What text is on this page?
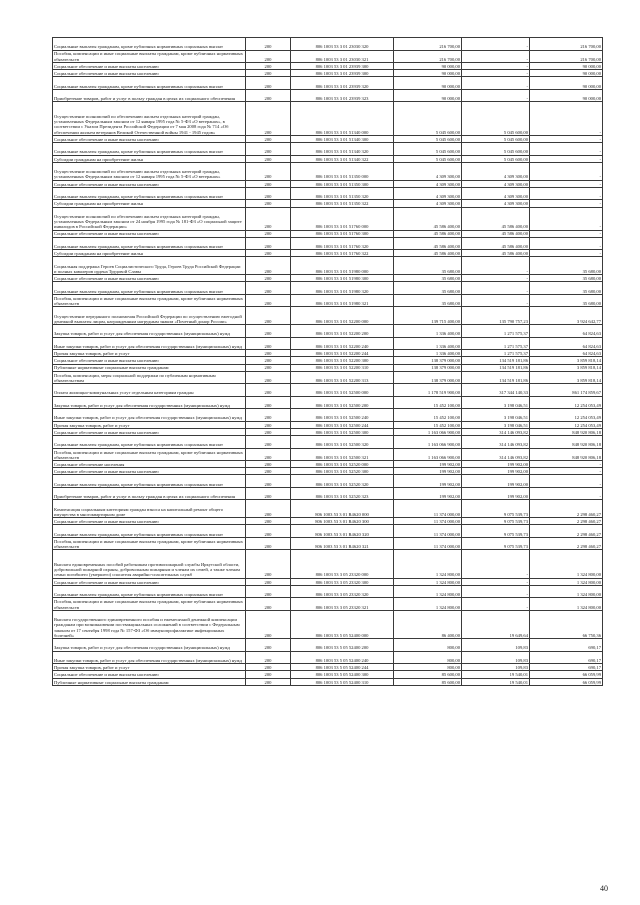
Социальные выплаты гражданам, кроме публичных нормативных социальных выплат	200	806 1003 53 3 01 23030 320	216 700,00	-	216 700,00
Пособия, компенсации и иные социальные выплаты гражданам, кроме публичных нормативных обязательств	200	806 1003 53 3 01 23030 321	216 700,00	-	216 700,00
Социальное обеспечение и иные выплаты населению	200	806 1003 53 3 01 23939 300	90 000,00	-	90 000,00
Социальное обеспечение и иные выплаты населению	200	806 1003 53 3 01 23939 300	90 000,00	-	90 000,00
Социальные выплаты гражданам, кроме публичных нормативных социальных выплат	200	806 1003 53 3 01 23939 320	90 000,00	-	90 000,00
Приобретение товаров, работ и услуг в пользу граждан в целях их социального обеспечения	200	806 1003 53 3 01 23939 323	90 000,00	-	90 000,00
Осуществление полномочий по обеспечению жильем отдельных категорий граждан, установленных Федеральным законом от 12 января 1995 года № 5-ФЗ «О ветеранах», в соответствии с Указом Президента Российской Федерации от 7 мая 2008 года № 714 «Об обеспечении жильем ветеранов Великой Отечественной войны 1941 - 1945 годов»	200	806 1003 53 3 01 51340 000	5 045 600,00	5 045 600,00	-
Социальное обеспечение и иные выплаты населению	200	806 1003 53 3 01 51340 300	5 045 600,00	5 045 600,00	-
Социальные выплаты гражданам, кроме публичных нормативных социальных выплат	200	806 1003 53 3 01 51340 320	5 045 600,00	5 045 600,00	-
Субсидии гражданам на приобретение жилья	200	806 1003 53 3 01 51340 322	5 045 600,00	5 045 600,00	-
Осуществление полномочий по обеспечению жильем отдельных категорий граждан, установленных Федеральным законом от 12 января 1995 года № 5-ФЗ «О ветеранах»	200	806 1003 53 3 01 51350 000	4 309 300,00	4 309 300,00	-
Социальное обеспечение и иные выплаты населению	200	806 1003 53 3 01 51350 300	4 309 300,00	4 309 300,00	-
Социальные выплаты гражданам, кроме публичных нормативных социальных выплат	200	806 1003 53 3 01 51350 320	4 309 300,00	4 309 300,00	-
Субсидии гражданам на приобретение жилья	200	806 1003 53 3 01 51350 322	4 309 300,00	4 309 300,00	-
Осуществление полномочий по обеспечению жильем отдельных категорий граждан, установленных Федеральным законом от 24 ноября 1995 года № 181-ФЗ «О социальной защите инвалидов в Российской Федерации»	200	806 1003 53 3 01 51760 000	45 586 400,00	45 586 400,00	-
Социальное обеспечение и иные выплаты населению	200	806 1003 53 3 01 51760 300	45 586 400,00	45 586 400,00	-
Социальные выплаты гражданам, кроме публичных нормативных социальных выплат	200	806 1003 53 3 01 51760 320	45 586 400,00	45 586 400,00	-
Субсидии гражданам на приобретение жилья	200	806 1003 53 3 01 51760 322	45 586 400,00	45 586 400,00	-
Социальная поддержка Героев Социалистического Труда, Героев Труда Российской Федерации и полных кавалеров ордена Трудовой Славы	200	806 1003 53 3 01 51980 000	35 680,00	-	35 680,00
Социальное обеспечение и иные выплаты населению	200	806 1003 53 3 01 51980 300	35 680,00	-	35 680,00
Социальные выплаты гражданам, кроме публичных нормативных социальных выплат	200	806 1003 53 3 01 51980 320	35 680,00	-	35 680,00
Пособия, компенсации и иные социальные выплаты гражданам, кроме публичных нормативных обязательств	200	806 1003 53 3 01 51980 321	35 680,00	-	35 680,00
Осуществление переданного полномочия Российской Федерации по осуществлению ежегодной денежной выплаты лицам, награжденным нагрудным знаком «Почетный донор России»	200	806 1003 53 3 01 52200 000	139 715 400,00	135 790 757,23	3 924 642,77
Закупка товаров, работ и услуг для обеспечения государственных (муниципальных) нужд	200	806 1003 53 3 01 52200 200	1 336 400,00	1 271 575,37	64 824,63
Иные закупки товаров, работ и услуг для обеспечения государственных (муниципальных) нужд	200	806 1003 53 3 01 52200 240	1 336 400,00	1 271 575,37	64 824,63
Прочая закупка товаров, работ и услуг	200	806 1003 53 3 01 52200 244	1 336 400,00	1 271 575,37	64 824,63
Социальное обеспечение и иные выплаты населению	200	806 1003 53 3 01 52200 300	138 379 000,00	134 519 181,86	3 859 818,14
Публичные нормативные социальные выплаты гражданам	200	806 1003 53 3 01 52200 310	138 379 000,00	134 519 181,86	3 859 818,14
Пособия, компенсации, меры социальной поддержки по публичным нормативным обязательствам	200	806 1003 53 3 01 52200 313	138 379 000,00	134 519 181,86	3 859 818,14
Оплата жилищно-коммунальных услуг отдельным категориям граждан	200	806 1003 53 3 01 52500 000	1 178 519 900,00	317 344 140,33	861 174 859,67
Закупка товаров, работ и услуг для обеспечения государственных (муниципальных) нужд	200	806 1003 53 3 01 52500 200	15 452 100,00	3 198 046,51	12 254 053,49
Иные закупки товаров, работ и услуг для обеспечения государственных (муниципальных) нужд	200	806 1003 53 3 01 52500 240	15 452 100,00	3 198 046,51	12 254 053,49
Прочая закупка товаров, работ и услуг	200	806 1003 53 3 01 52500 244	15 452 100,00	3 198 046,51	12 254 053,49
Социальное обеспечение и иные выплаты населению	200	806 1003 53 3 01 52500 300	1 163 066 900,00	314 146 093,82	848 920 806,18
Социальные выплаты гражданам, кроме публичных нормативных социальных выплат	200	806 1003 53 3 01 52500 320	1 163 066 900,00	314 146 093,82	848 920 806,18
Пособия, компенсации и иные социальные выплаты гражданам, кроме публичных нормативных обязательств	200	806 1003 53 3 01 52500 321	1 163 066 900,00	314 146 093,82	848 920 806,18
Социальное обеспечение населения	200	806 1003 53 3 01 52520 000	199 902,00	199 902,00	-
Социальное обеспечение и иные выплаты населению	200	806 1003 53 3 01 52520 300	199 902,00	199 902,00	-
Социальные выплаты гражданам, кроме публичных нормативных социальных выплат	200	806 1003 53 3 01 52520 320	199 902,00	199 902,00	-
Приобретение товаров, работ и услуг в пользу граждан в целях их социального обеспечения	200	806 1003 53 3 01 52520 323	199 902,00	199 902,00	-
Компенсация социальным категориям граждан взноса на капитальный ремонт общего имущества в многоквартирном доме	200	806 1003 53 3 01 R4620 000	11 374 000,00	9 075 539,73	2 298 460,27
Социальное обеспечение и иные выплаты населению	200	806 1003 53 3 01 R4620 300	11 374 000,00	9 075 539,73	2 298 460,27
Социальные выплаты гражданам, кроме публичных нормативных социальных выплат	200	806 1003 53 3 01 R4620 320	11 374 000,00	9 075 539,73	2 298 460,27
Пособия, компенсации и иные социальные выплаты гражданам, кроме публичных нормативных обязательств	200	806 1003 53 3 01 R4620 321	11 374 000,00	9 075 539,73	2 298 460,27
Выплата единовременных пособий работникам противопожарной службы Иркутской области, добровольной пожарной охраны, добровольным пожарным и членам их семей, а также членам семьи погибшего (умершего) спасателя аварийно-спасательных служб	200	806 1003 53 3 05 23320 000	1 324 800,00	-	1 324 800,00
Социальное обеспечение и иные выплаты населению	200	806 1003 53 3 05 23320 300	1 324 800,00	-	1 324 800,00
Социальные выплаты гражданам, кроме публичных нормативных социальных выплат	200	806 1003 53 3 05 23320 320	1 324 800,00	-	1 324 800,00
Пособия, компенсации и иные социальные выплаты гражданам, кроме публичных нормативных обязательств	200	806 1003 53 3 05 23320 321	1 324 800,00	-	1 324 800,00
Выплата государственного единовременного пособия и ежемесячной денежной компенсации гражданам при возникновении поствакцинальных осложнений в соответствии с Федеральным законом от 17 сентября 1998 года № 157-ФЗ «Об иммунопрофилактике инфекционных болезней»	200	806 1003 53 5 05 52400 000	86 400,00	19 649,64	66 750,36
Закупка товаров, работ и услуг для обеспечения государственных (муниципальных) нужд	200	806 1003 53 5 05 52400 200	800,00	109,83	690,17
Иные закупки товаров, работ и услуг для обеспечения государственных (муниципальных) нужд	200	806 1003 53 5 05 52400 240	800,00	109,83	690,17
Прочая закупка товаров, работ и услуг	200	806 1003 53 5 05 52400 244	800,00	109,83	690,17
Социальное обеспечение и иные выплаты населению	200	806 1003 53 5 05 52400 300	85 600,00	19 540,01	66 059,99
Публичные нормативные социальные выплаты гражданам	200	806 1003 53 5 05 52400 310	85 600,00	19 540,01	66 059,99
40
